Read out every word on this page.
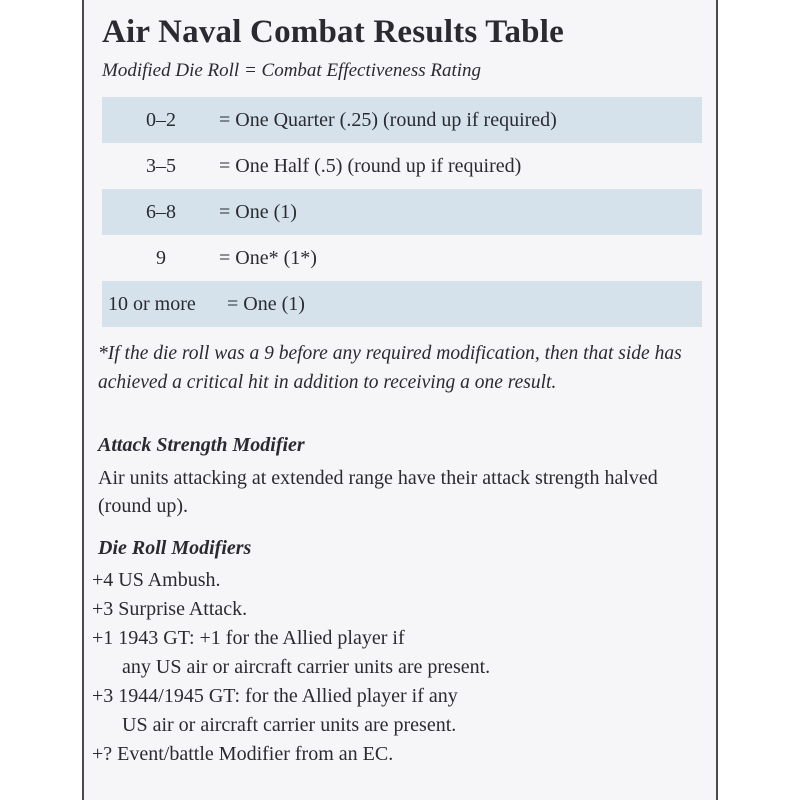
Air Naval Combat Results Table
Modified Die Roll = Combat Effectiveness Rating
0–2	= One Quarter (.25) (round up if required)
3–5	= One Half (.5) (round up if required)
6–8	= One (1)
9	= One* (1*)
10 or more = One (1)
*If the die roll was a 9 before any required modification, then that side has achieved a critical hit in addition to receiving a one result.
Attack Strength Modifier
Air units attacking at extended range have their attack strength halved (round up).
Die Roll Modifiers
+4 US Ambush.
+3 Surprise Attack.
+1 1943 GT: +1 for the Allied player if
any US air or aircraft carrier units are present.
+3 1944/1945 GT: for the Allied player if any
US air or aircraft carrier units are present.
+? Event/battle Modifier from an EC.
